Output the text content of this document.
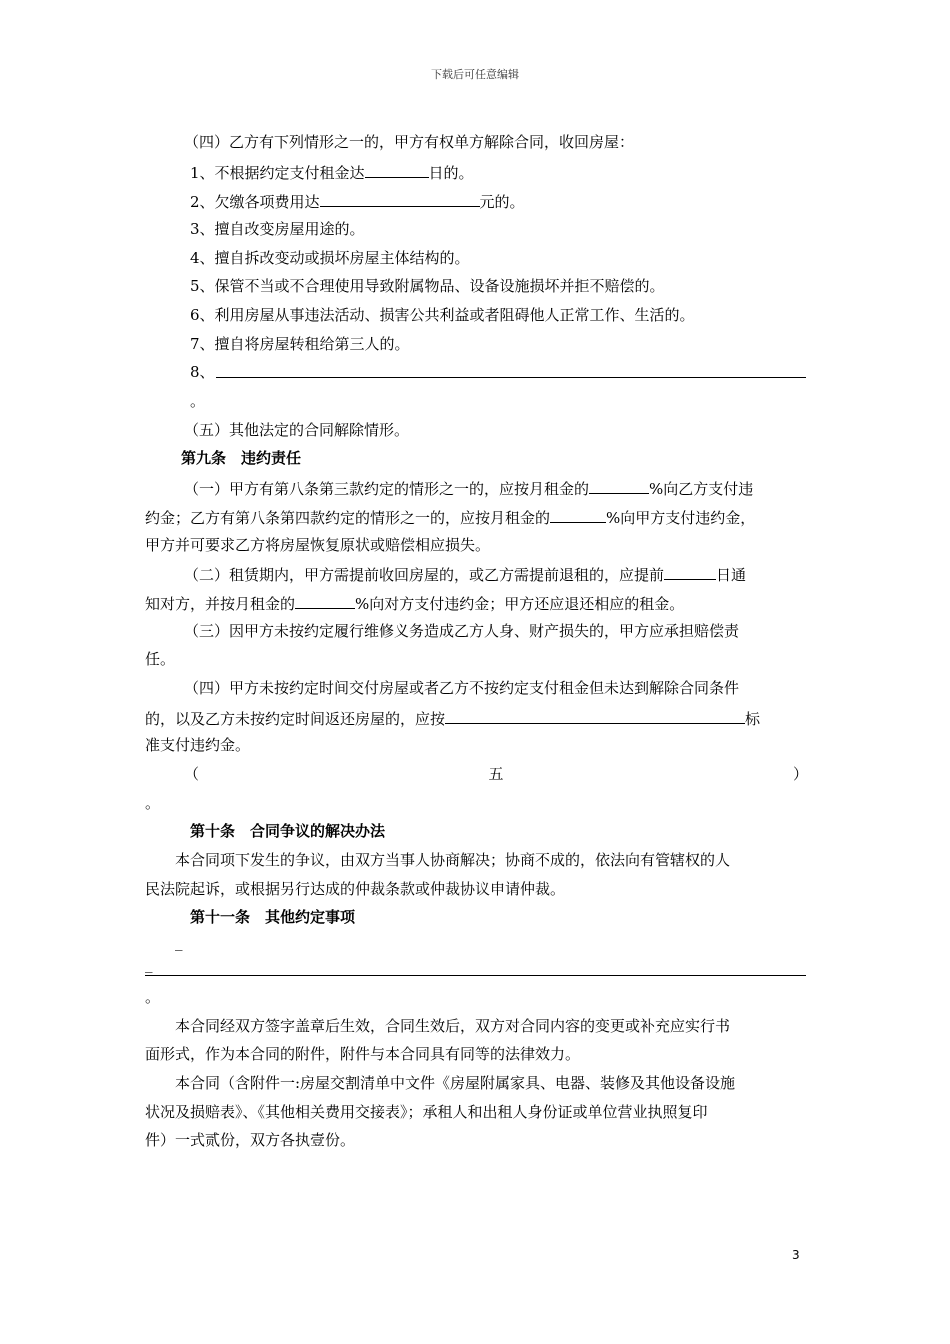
下载后可任意编辑
（四）乙方有下列情形之一的，甲方有权单方解除合同，收回房屋：
1、不根据约定支付租金达	日的。
2、欠缴各项费用达	元的。
3、擅自改变房屋用途的。
4、擅自拆改变动或损坏房屋主体结构的。
5、保管不当或不合理使用导致附属物品、设备设施损坏并拒不赔偿的。
6、利用房屋从事违法活动、损害公共利益或者阻碍他人正常工作、生活的。
7、擅自将房屋转租给第三人的。
8、
。
（五）其他法定的合同解除情形。
第九条　违约责任
（一）甲方有第八条第三款约定的情形之一的，应按月租金的	%向乙方支付违
约金；乙方有第八条第四款约定的情形之一的，应按月租金的	%向甲方支付违约金，
甲方并可要求乙方将房屋恢复原状或赔偿相应损失。
（二）租赁期内，甲方需提前收回房屋的，或乙方需提前退租的，应提前	日通
知对方，并按月租金的	%向对方支付违约金；甲方还应退还相应的租金。
（三）因甲方未按约定履行维修义务造成乙方人身、财产损失的，甲方应承担赔偿责
任。
（四）甲方未按约定时间交付房屋或者乙方不按约定支付租金但未达到解除合同条件
的，以及乙方未按约定时间返还房屋的，应按	标
准支付违约金。
（	五	）
。
第十条　合同争议的解决办法
本合同项下发生的争议，由双方当事人协商解决；协商不成的，依法向有管辖权的人
民法院起诉，或根据另行达成的仲裁条款或仲裁协议申请仲裁。
第十一条　其他约定事项
_
_
。
本合同经双方签字盖章后生效，合同生效后，双方对合同内容的变更或补充应实行书
面形式，作为本合同的附件，附件与本合同具有同等的法律效力。
本合同（含附件一:房屋交割清单中文件《房屋附属家具、电器、装修及其他设备设施
状况及损赔表》、《其他相关费用交接表》；承租人和出租人身份证或单位营业执照复印
件）一式贰份，双方各执壹份。
3
